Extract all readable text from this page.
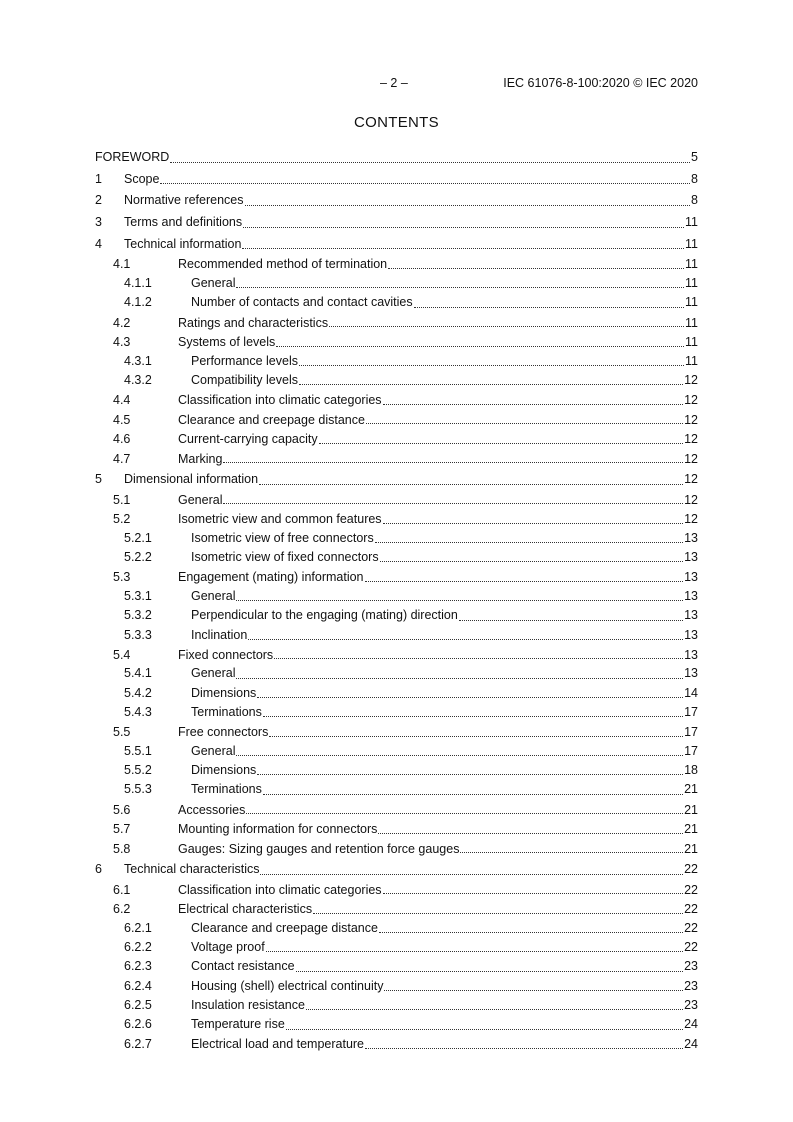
– 2 –	IEC 61076-8-100:2020 © IEC 2020
CONTENTS
FOREWORD	5
1	Scope	8
2	Normative references	8
3	Terms and definitions	11
4	Technical information	11
4.1	Recommended method of termination	11
4.1.1	General	11
4.1.2	Number of contacts and contact cavities	11
4.2	Ratings and characteristics	11
4.3	Systems of levels	11
4.3.1	Performance levels	11
4.3.2	Compatibility levels	12
4.4	Classification into climatic categories	12
4.5	Clearance and creepage distance	12
4.6	Current-carrying capacity	12
4.7	Marking	12
5	Dimensional information	12
5.1	General	12
5.2	Isometric view and common features	12
5.2.1	Isometric view of free connectors	13
5.2.2	Isometric view of fixed connectors	13
5.3	Engagement (mating) information	13
5.3.1	General	13
5.3.2	Perpendicular to the engaging (mating) direction	13
5.3.3	Inclination	13
5.4	Fixed connectors	13
5.4.1	General	13
5.4.2	Dimensions	14
5.4.3	Terminations	17
5.5	Free connectors	17
5.5.1	General	17
5.5.2	Dimensions	18
5.5.3	Terminations	21
5.6	Accessories	21
5.7	Mounting information for connectors	21
5.8	Gauges: Sizing gauges and retention force gauges	21
6	Technical characteristics	22
6.1	Classification into climatic categories	22
6.2	Electrical characteristics	22
6.2.1	Clearance and creepage distance	22
6.2.2	Voltage proof	22
6.2.3	Contact resistance	23
6.2.4	Housing (shell) electrical continuity	23
6.2.5	Insulation resistance	23
6.2.6	Temperature rise	24
6.2.7	Electrical load and temperature	24
